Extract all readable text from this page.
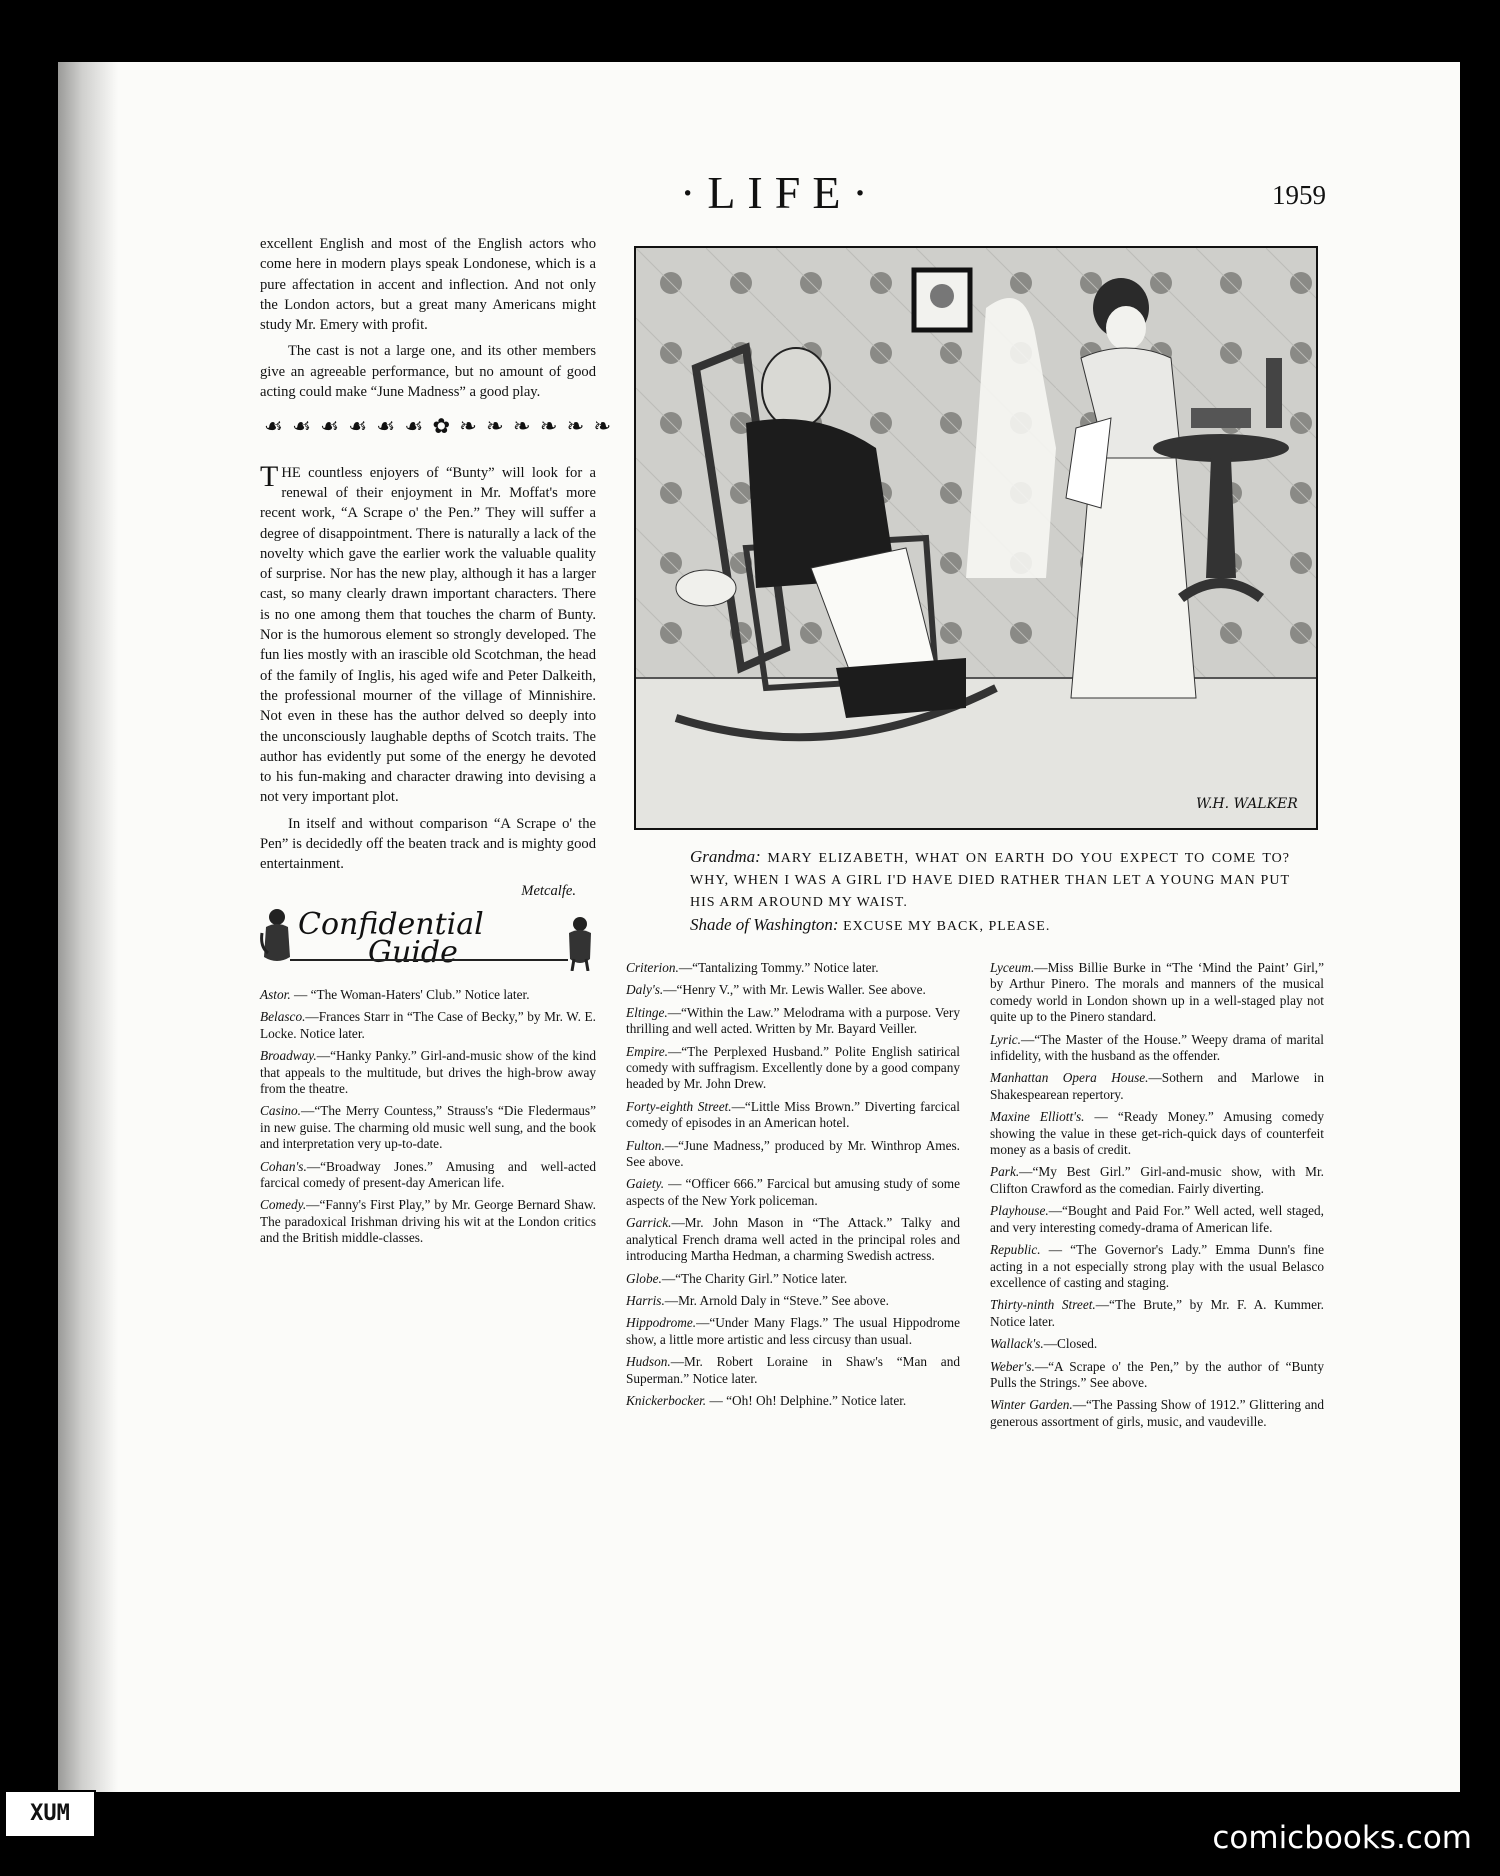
·LIFE·	1959

excellent English and most of the English actors who come here in modern plays speak Londonese, which is a pure affectation in accent and inflection. And not only the London actors, but a great many Americans might study Mr. Emery with profit.

The cast is not a large one, and its other members give an agreeable performance, but no amount of good acting could make “June Madness” a good play.

☙ ☙ ☙ ☙ ☙ ☙ ✿ ❧ ❧ ❧ ❧ ❧ ❧

THE countless enjoyers of “Bunty” will look for a renewal of their enjoyment in Mr. Moffat's more recent work, “A Scrape o' the Pen.” They will suffer a degree of disappointment. There is naturally a lack of the novelty which gave the earlier work the valuable quality of surprise. Nor has the new play, although it has a larger cast, so many clearly drawn important characters. There is no one among them that touches the charm of Bunty. Nor is the humorous element so strongly developed. The fun lies mostly with an irascible old Scotchman, the head of the family of Inglis, his aged wife and Peter Dalkeith, the professional mourner of the village of Minnishire. Not even in these has the author delved so deeply into the unconsciously laughable depths of Scotch traits. The author has evidently put some of the energy he devoted to his fun-making and character drawing into devising a not very important plot.

In itself and without comparison “A Scrape o' the Pen” is decidedly off the beaten track and is mighty good entertainment.

Metcalfe.
Confidential
Guide

Astor. — “The Woman-Haters' Club.” Notice later.

Belasco.—Frances Starr in “The Case of Becky,” by Mr. W. E. Locke. Notice later.

Broadway.—“Hanky Panky.” Girl-and-music show of the kind that appeals to the multitude, but drives the high-brow away from the theatre.

Casino.—“The Merry Countess,” Strauss's “Die Fledermaus” in new guise. The charming old music well sung, and the book and interpretation very up-to-date.

Cohan's.—“Broadway Jones.” Amusing and well-acted farcical comedy of present-day American life.

Comedy.—“Fanny's First Play,” by Mr. George Bernard Shaw. The paradoxical Irishman driving his wit at the London critics and the British middle-classes.

W.H. WALKER

Grandma: MARY ELIZABETH, WHAT ON EARTH DO YOU EXPECT TO COME TO? WHY, WHEN I WAS A GIRL I'D HAVE DIED RATHER THAN LET A YOUNG MAN PUT HIS ARM AROUND MY WAIST.

Shade of Washington: EXCUSE MY BACK, PLEASE.

Criterion.—“Tantalizing Tommy.” Notice later.

Daly's.—“Henry V.,” with Mr. Lewis Waller. See above.

Eltinge.—“Within the Law.” Melodrama with a purpose. Very thrilling and well acted. Written by Mr. Bayard Veiller.

Empire.—“The Perplexed Husband.” Polite English satirical comedy with suffragism. Excellently done by a good company headed by Mr. John Drew.

Forty-eighth Street.—“Little Miss Brown.” Diverting farcical comedy of episodes in an American hotel.

Fulton.—“June Madness,” produced by Mr. Winthrop Ames. See above.

Gaiety. — “Officer 666.” Farcical but amusing study of some aspects of the New York policeman.

Garrick.—Mr. John Mason in “The Attack.” Talky and analytical French drama well acted in the principal roles and introducing Martha Hedman, a charming Swedish actress.

Globe.—“The Charity Girl.” Notice later.

Harris.—Mr. Arnold Daly in “Steve.” See above.

Hippodrome.—“Under Many Flags.” The usual Hippodrome show, a little more artistic and less circusy than usual.

Hudson.—Mr. Robert Loraine in Shaw's “Man and Superman.” Notice later.

Knickerbocker. — “Oh! Oh! Delphine.” Notice later.

Lyceum.—Miss Billie Burke in “The ‘Mind the Paint’ Girl,” by Arthur Pinero. The morals and manners of the musical comedy world in London shown up in a well-staged play not quite up to the Pinero standard.

Lyric.—“The Master of the House.” Weepy drama of marital infidelity, with the husband as the offender.

Manhattan Opera House.—Sothern and Marlowe in Shakespearean repertory.

Maxine Elliott's. — “Ready Money.” Amusing comedy showing the value in these get-rich-quick days of counterfeit money as a basis of credit.

Park.—“My Best Girl.” Girl-and-music show, with Mr. Clifton Crawford as the comedian. Fairly diverting.

Playhouse.—“Bought and Paid For.” Well acted, well staged, and very interesting comedy-drama of American life.

Republic. — “The Governor's Lady.” Emma Dunn's fine acting in a not especially strong play with the usual Belasco excellence of casting and staging.

Thirty-ninth Street.—“The Brute,” by Mr. F. A. Kummer. Notice later.

Wallack's.—Closed.

Weber's.—“A Scrape o' the Pen,” by the author of “Bunty Pulls the Strings.” See above.

Winter Garden.—“The Passing Show of 1912.” Glittering and generous assortment of girls, music, and vaudeville.

XUM
comicbooks.com
